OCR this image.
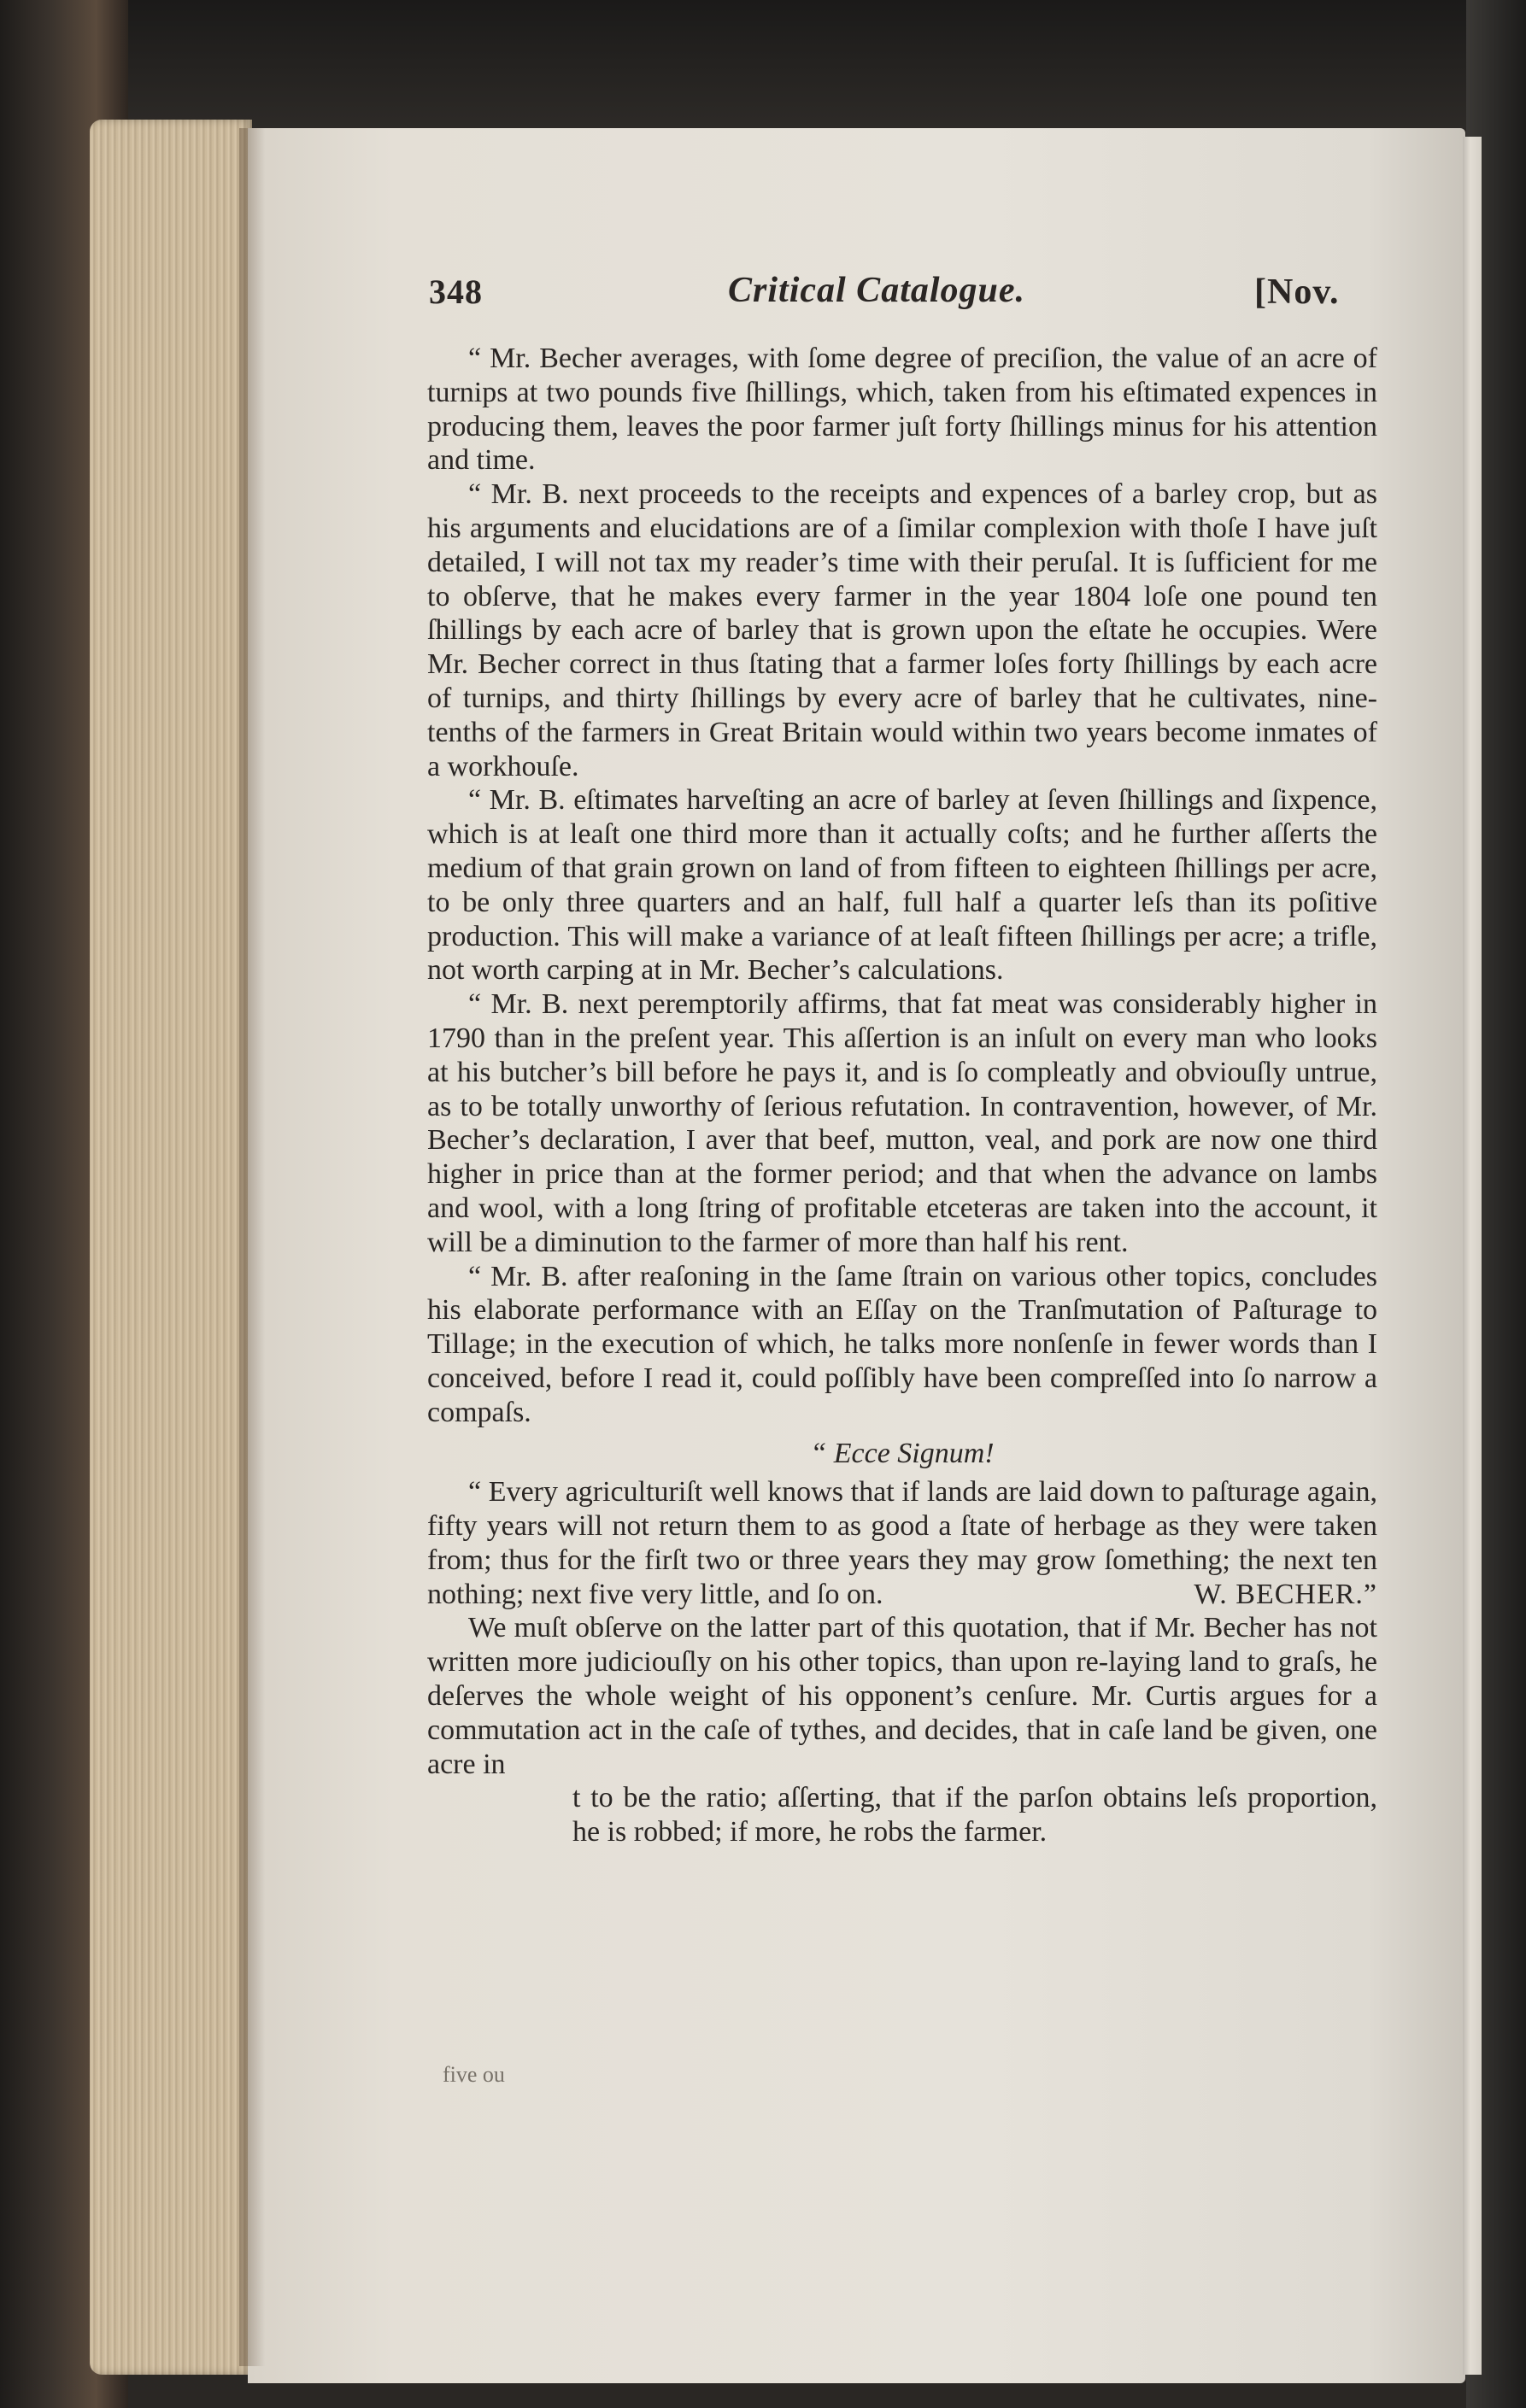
348	Critical Catalogue.	[Nov.

“ Mr. Becher averages, with ſome degree of preciſion, the value of an acre of turnips at two pounds five ſhillings, which, taken from his eſtimated expences in producing them, leaves the poor farmer juſt forty ſhillings minus for his attention and time.

“ Mr. B. next proceeds to the receipts and expences of a barley crop, but as his arguments and elucidations are of a ſimilar complexion with thoſe I have juſt detailed, I will not tax my reader’s time with their peruſal. It is ſufficient for me to obſerve, that he makes every farmer in the year 1804 loſe one pound ten ſhillings by each acre of barley that is grown upon the eſtate he occupies. Were Mr. Becher correct in thus ſtating that a farmer loſes forty ſhillings by each acre of turnips, and thirty ſhillings by every acre of barley that he cultivates, nine-tenths of the farmers in Great Britain would within two years become inmates of a workhouſe.

“ Mr. B. eſtimates harveſting an acre of barley at ſeven ſhillings and ſixpence, which is at leaſt one third more than it actually coſts; and he further aſſerts the medium of that grain grown on land of from fifteen to eighteen ſhillings per acre, to be only three quarters and an half, full half a quarter leſs than its poſitive production. This will make a variance of at leaſt fifteen ſhillings per acre; a trifle, not worth carping at in Mr. Becher’s calculations.

“ Mr. B. next peremptorily affirms, that fat meat was considerably higher in 1790 than in the preſent year. This aſſertion is an inſult on every man who looks at his butcher’s bill before he pays it, and is ſo compleatly and obviouſly untrue, as to be totally unworthy of ſerious refutation. In contravention, however, of Mr. Becher’s declaration, I aver that beef, mutton, veal, and pork are now one third higher in price than at the former period; and that when the advance on lambs and wool, with a long ſtring of profitable etceteras are taken into the account, it will be a diminution to the farmer of more than half his rent.

“ Mr. B. after reaſoning in the ſame ſtrain on various other topics, concludes his elaborate performance with an Eſſay on the Tranſmutation of Paſturage to Tillage; in the execution of which, he talks more nonſenſe in fewer words than I conceived, before I read it, could poſſibly have been compreſſed into ſo narrow a compaſs.

“ Ecce Signum!

“ Every agriculturiſt well knows that if lands are laid down to paſturage again, fifty years will not return them to as good a ſtate of herbage as they were taken from; thus for the firſt two or three years they may grow ſomething; the next ten nothing; next five very little, and ſo on.	W. BECHER.”

We muſt obſerve on the latter part of this quotation, that if Mr. Becher has not written more judiciouſly on his other topics, than upon re-laying land to graſs, he deſerves the whole weight of his opponent’s cenſure. Mr. Curtis argues for a commutation act in the caſe of tythes, and decides, that in caſe land be given, one acre in

t to be the ratio; aſſerting, that if the parſon obtains leſs proportion, he is robbed; if more, he robs the farmer.

five ou
